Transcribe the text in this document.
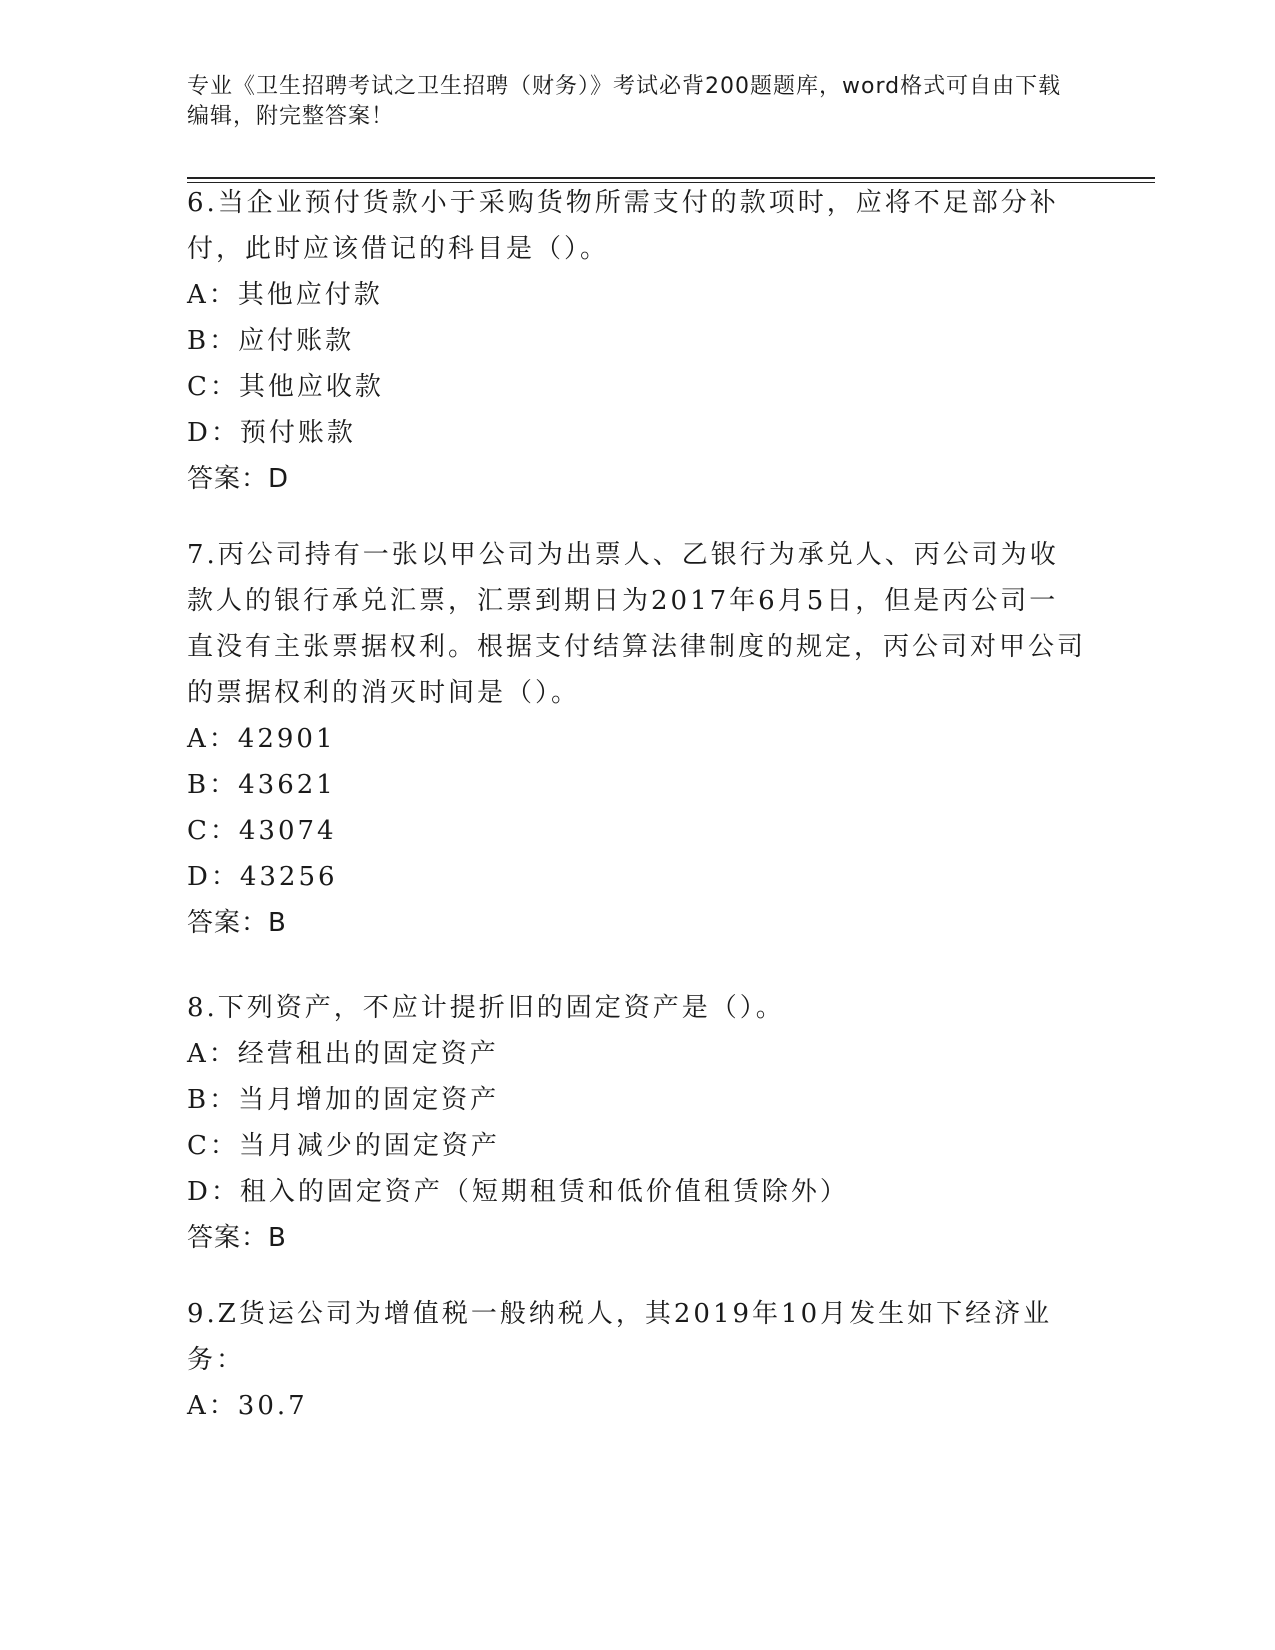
专业《卫生招聘考试之卫生招聘（财务）》考试必背200题题库，word格式可自由下载编辑，附完整答案！
6.当企业预付货款小于采购货物所需支付的款项时，应将不足部分补付，此时应该借记的科目是（）。
A：其他应付款
B：应付账款
C：其他应收款
D：预付账款
答案：D
7.丙公司持有一张以甲公司为出票人、乙银行为承兑人、丙公司为收款人的银行承兑汇票，汇票到期日为2017年6月5日，但是丙公司一直没有主张票据权利。根据支付结算法律制度的规定，丙公司对甲公司的票据权利的消灭时间是（）。
A：42901
B：43621
C：43074
D：43256
答案：B
8.下列资产，不应计提折旧的固定资产是（）。
A：经营租出的固定资产
B：当月增加的固定资产
C：当月减少的固定资产
D：租入的固定资产（短期租赁和低价值租赁除外）
答案：B
9.Z货运公司为增值税一般纳税人，其2019年10月发生如下经济业务：
A：30.7
